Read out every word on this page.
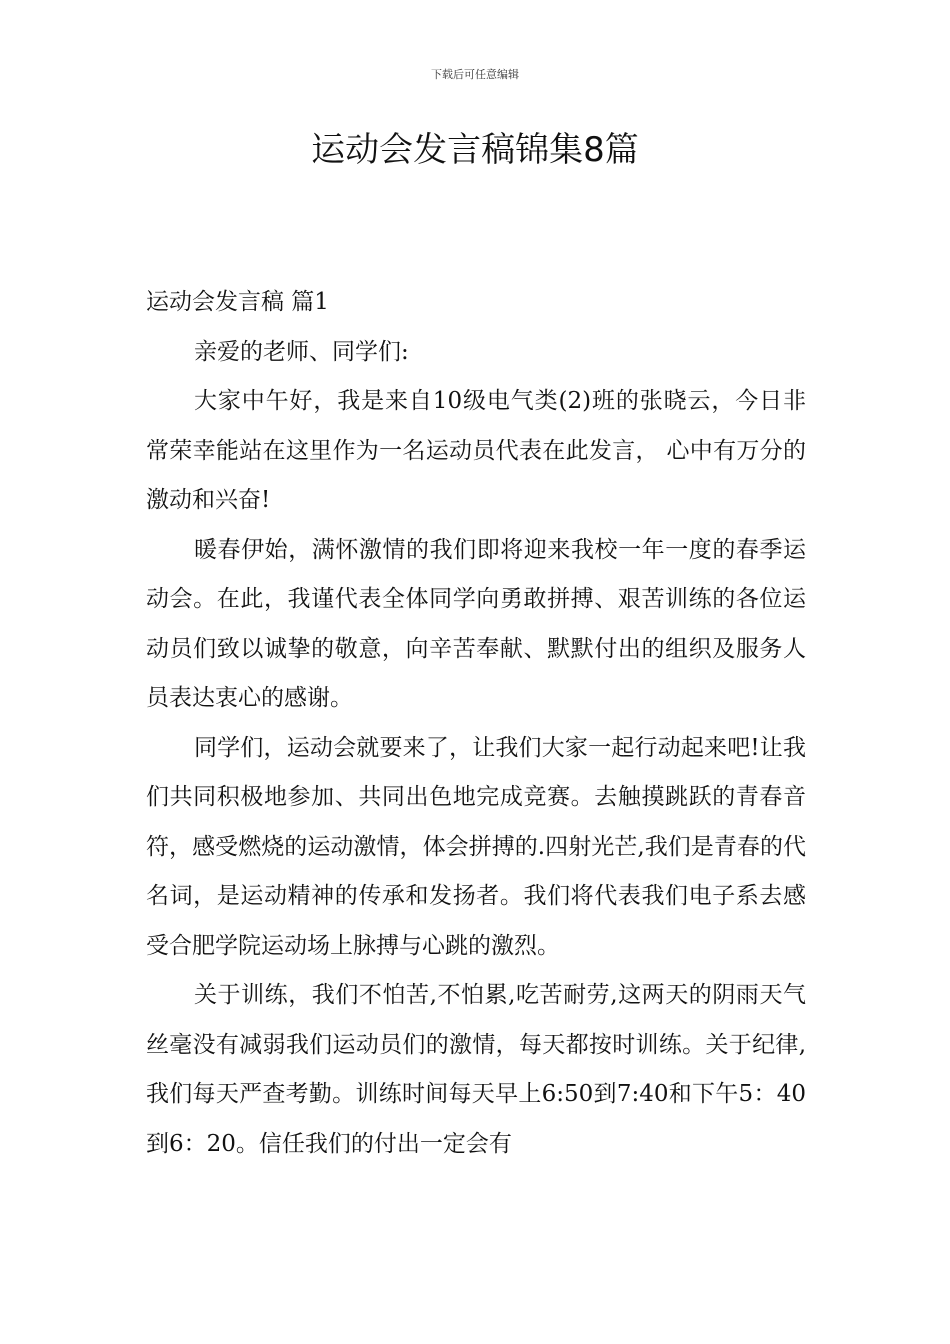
下载后可任意编辑
运动会发言稿锦集8篇

运动会发言稿 篇1

亲爱的老师、同学们:

大家中午好，我是来自10级电气类(2)班的张晓云，今日非常荣幸能站在这里作为一名运动员代表在此发言， 心中有万分的激动和兴奋!

暖春伊始，满怀激情的我们即将迎来我校一年一度的春季运动会。在此，我谨代表全体同学向勇敢拼搏、艰苦训练的各位运动员们致以诚挚的敬意，向辛苦奉献、默默付出的组织及服务人员表达衷心的感谢。

同学们，运动会就要来了，让我们大家一起行动起来吧!让我们共同积极地参加、共同出色地完成竞赛。去触摸跳跃的青春音符，感受燃烧的运动激情，体会拼搏的.四射光芒,我们是青春的代名词，是运动精神的传承和发扬者。我们将代表我们电子系去感受合肥学院运动场上脉搏与心跳的激烈。

关于训练，我们不怕苦,不怕累,吃苦耐劳,这两天的阴雨天气丝毫没有减弱我们运动员们的激情，每天都按时训练。关于纪律,我们每天严查考勤。训练时间每天早上6:50到7:40和下午5：40到6：20。信任我们的付出一定会有
